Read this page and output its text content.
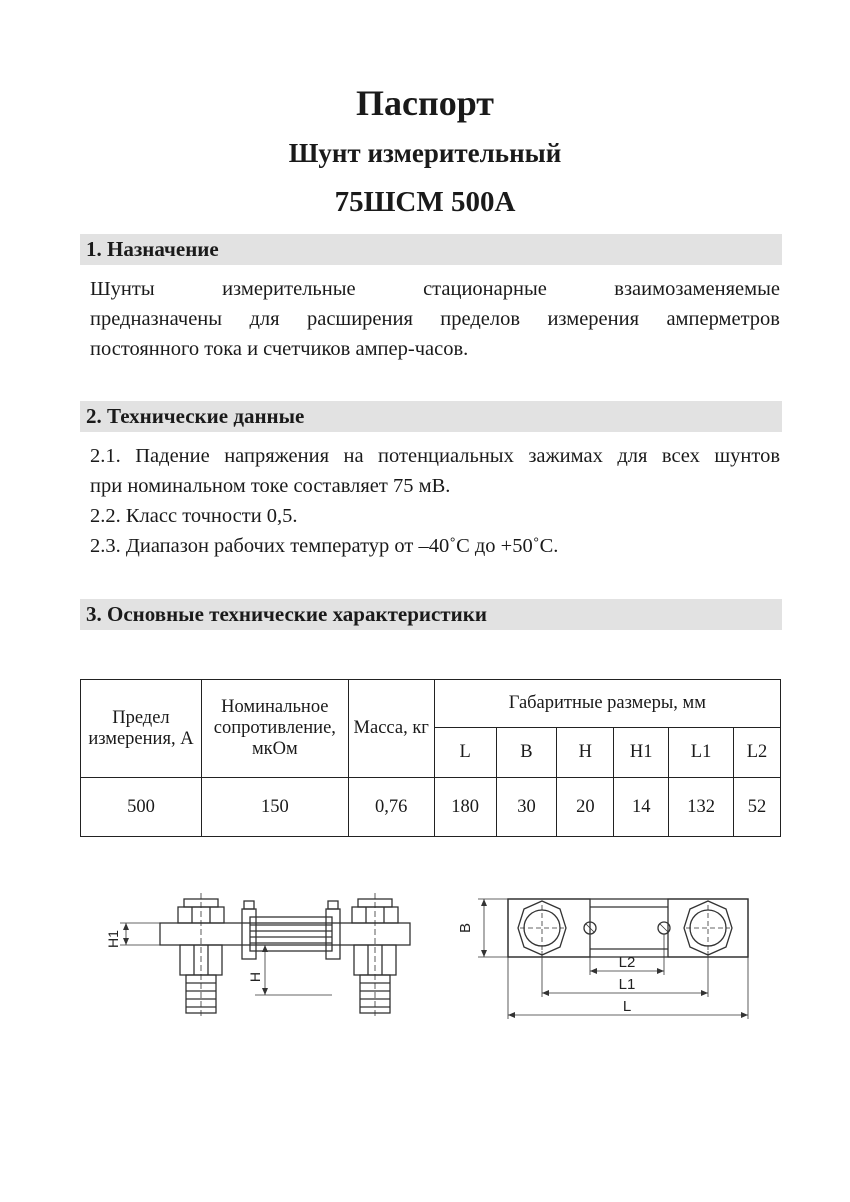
Паспорт
Шунт измерительный
75ШСМ 500А
1. Назначение
Шунты	измерительные	стационарные	взаимозаменяемые
предназначены для расширения пределов измерения амперметров
постоянного тока и счетчиков ампер-часов.
2. Технические данные
2.1. Падение напряжения на потенциальных зажимах для всех шунтов
при номинальном токе составляет 75 мВ.
2.2. Класс точности 0,5.
2.3. Диапазон рабочих температур от –40˚С до +50˚С.
3. Основные технические характеристики
Предел измерения, А	Номинальное сопротивление, мкОм	Масса, кг	Габаритные размеры, мм					
			L	B	H	H1	L1	L2
500	150	0,76	180	30	20	14	132	52
H1
H
B
L2
L1
L
